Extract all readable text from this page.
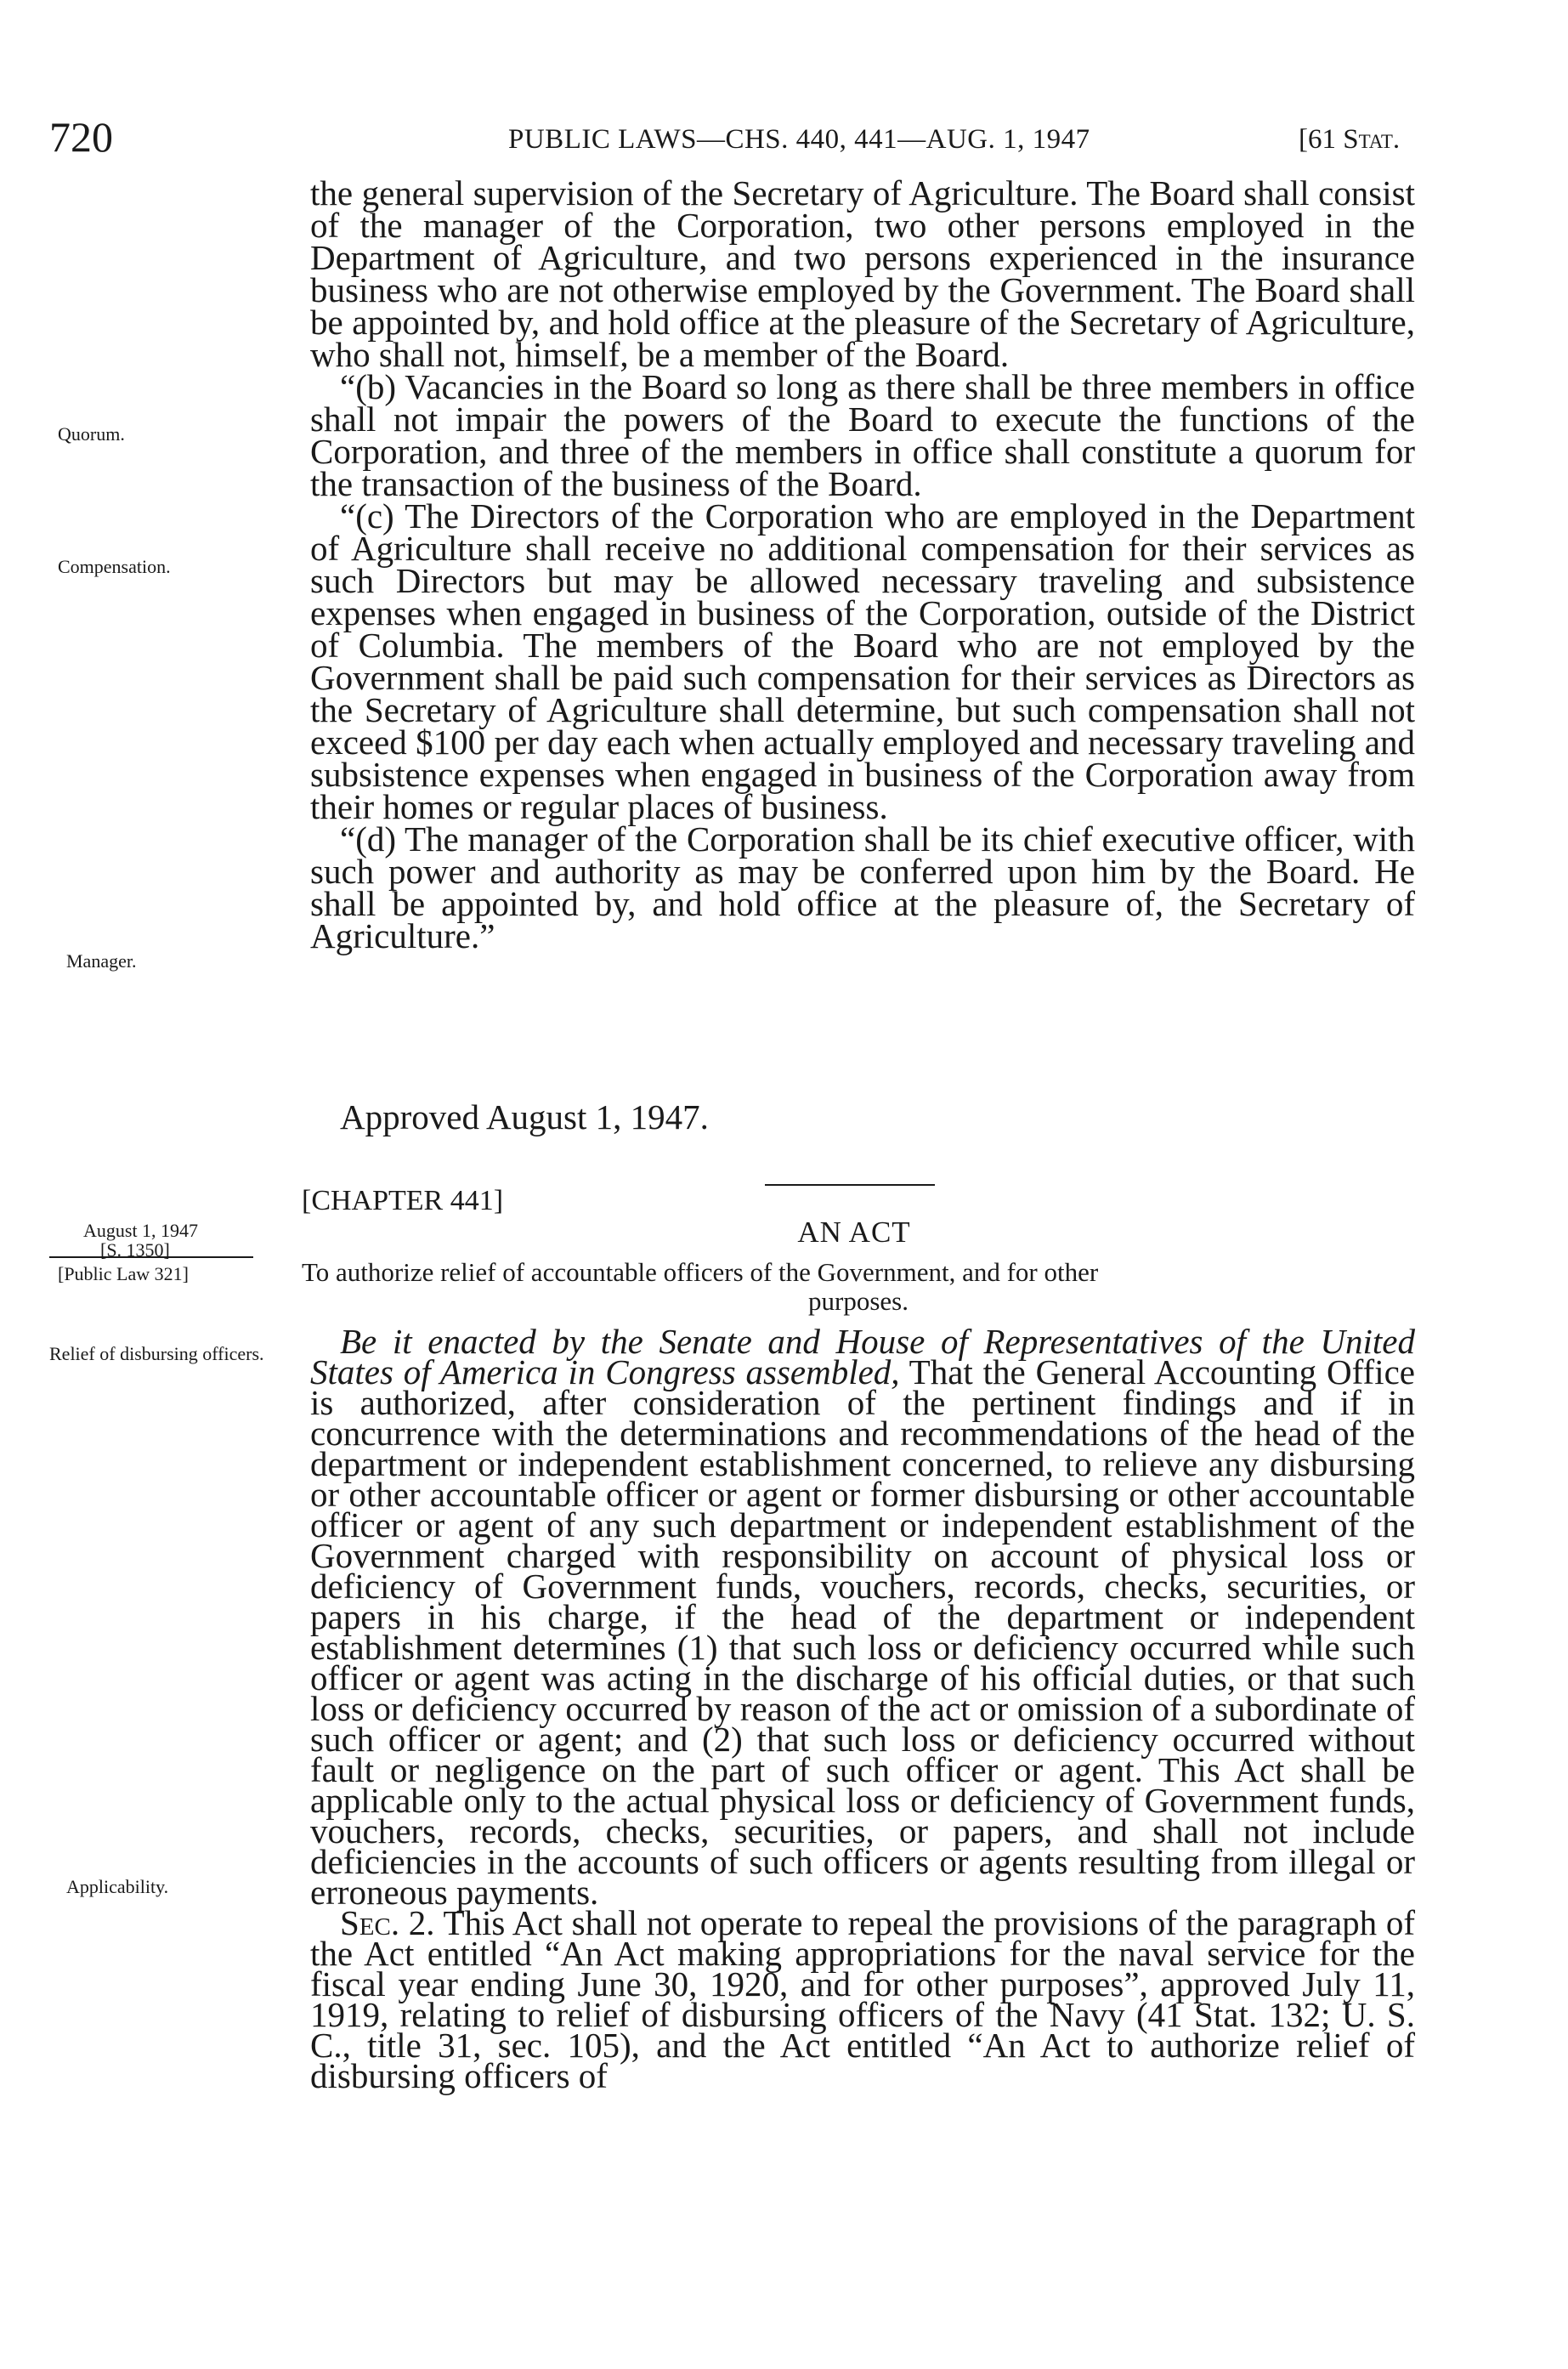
720	PUBLIC LAWS—CHS. 440, 441—AUG. 1, 1947	[61 Stat.
Quorum.
Compensation.
Manager.
August 1, 1947
[S. 1350]
[Public Law 321]
Relief of disbursing officers.
Applicability.

the general supervision of the Secretary of Agriculture. The Board shall consist of the manager of the Corporation, two other persons employed in the Department of Agriculture, and two persons experienced in the insurance business who are not otherwise employed by the Government. The Board shall be appointed by, and hold office at the pleasure of the Secretary of Agriculture, who shall not, himself, be a member of the Board.

“(b) Vacancies in the Board so long as there shall be three members in office shall not impair the powers of the Board to execute the functions of the Corporation, and three of the members in office shall constitute a quorum for the transaction of the business of the Board.

“(c) The Directors of the Corporation who are employed in the Department of Agriculture shall receive no additional compensation for their services as such Directors but may be allowed necessary traveling and subsistence expenses when engaged in business of the Corporation, outside of the District of Columbia. The members of the Board who are not employed by the Government shall be paid such compensation for their services as Directors as the Secretary of Agriculture shall determine, but such compensation shall not exceed $100 per day each when actually employed and necessary traveling and subsistence expenses when engaged in business of the Corporation away from their homes or regular places of business.

“(d) The manager of the Corporation shall be its chief executive officer, with such power and authority as may be conferred upon him by the Board. He shall be appointed by, and hold office at the pleasure of, the Secretary of Agriculture.”

Approved August 1, 1947.
[CHAPTER 441]
AN ACT
To authorize relief of accountable officers of the Government, and for other
purposes.

Be it enacted by the Senate and House of Representatives of the United States of America in Congress assembled, That the General Accounting Office is authorized, after consideration of the pertinent findings and if in concurrence with the determinations and recommendations of the head of the department or independent establishment concerned, to relieve any disbursing or other accountable officer or agent or former disbursing or other accountable officer or agent of any such department or independent establishment of the Government charged with responsibility on account of physical loss or deficiency of Government funds, vouchers, records, checks, securities, or papers in his charge, if the head of the department or independent establishment determines (1) that such loss or deficiency occurred while such officer or agent was acting in the discharge of his official duties, or that such loss or deficiency occurred by reason of the act or omission of a subordinate of such officer or agent; and (2) that such loss or deficiency occurred without fault or negligence on the part of such officer or agent. This Act shall be applicable only to the actual physical loss or deficiency of Government funds, vouchers, records, checks, securities, or papers, and shall not include deficiencies in the accounts of such officers or agents resulting from illegal or erroneous payments.

Sec. 2. This Act shall not operate to repeal the provisions of the paragraph of the Act entitled “An Act making appropriations for the naval service for the fiscal year ending June 30, 1920, and for other purposes”, approved July 11, 1919, relating to relief of disbursing officers of the Navy (41 Stat. 132; U. S. C., title 31, sec. 105), and the Act entitled “An Act to authorize relief of disbursing officers of
